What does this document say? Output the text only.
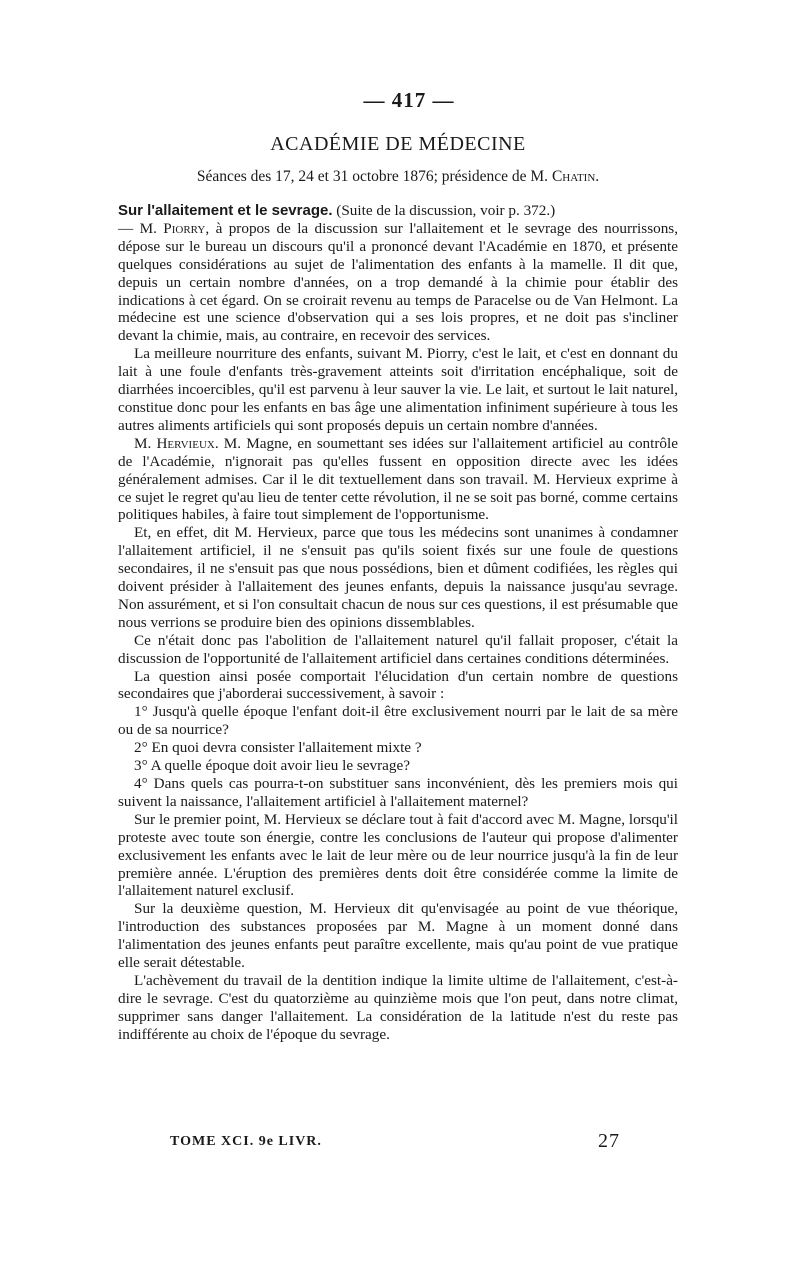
— 417 —
ACADÉMIE DE MÉDECINE
Séances des 17, 24 et 31 octobre 1876; présidence de M. Chatin.

Sur l'allaitement et le sevrage. (Suite de la discussion, voir p. 372.)

— M. Piorry, à propos de la discussion sur l'allaitement et le sevrage des nourrissons, dépose sur le bureau un discours qu'il a prononcé devant l'Académie en 1870, et présente quelques considérations au sujet de l'alimentation des enfants à la mamelle. Il dit que, depuis un certain nombre d'années, on a trop demandé à la chimie pour établir des indications à cet égard. On se croirait revenu au temps de Paracelse ou de Van Helmont. La médecine est une science d'observation qui a ses lois propres, et ne doit pas s'incliner devant la chimie, mais, au contraire, en recevoir des services.

La meilleure nourriture des enfants, suivant M. Piorry, c'est le lait, et c'est en donnant du lait à une foule d'enfants très-gravement atteints soit d'irritation encéphalique, soit de diarrhées incoercibles, qu'il est parvenu à leur sauver la vie. Le lait, et surtout le lait naturel, constitue donc pour les enfants en bas âge une alimentation infiniment supérieure à tous les autres aliments artificiels qui sont proposés depuis un certain nombre d'années.

M. Hervieux. M. Magne, en soumettant ses idées sur l'allaitement artificiel au contrôle de l'Académie, n'ignorait pas qu'elles fussent en opposition directe avec les idées généralement admises. Car il le dit textuellement dans son travail. M. Hervieux exprime à ce sujet le regret qu'au lieu de tenter cette révolution, il ne se soit pas borné, comme certains politiques habiles, à faire tout simplement de l'opportunisme.

Et, en effet, dit M. Hervieux, parce que tous les médecins sont unanimes à condamner l'allaitement artificiel, il ne s'ensuit pas qu'ils soient fixés sur une foule de questions secondaires, il ne s'ensuit pas que nous possédions, bien et dûment codifiées, les règles qui doivent présider à l'allaitement des jeunes enfants, depuis la naissance jusqu'au sevrage. Non assurément, et si l'on consultait chacun de nous sur ces questions, il est présumable que nous verrions se produire bien des opinions dissemblables.

Ce n'était donc pas l'abolition de l'allaitement naturel qu'il fallait proposer, c'était la discussion de l'opportunité de l'allaitement artificiel dans certaines conditions déterminées.

La question ainsi posée comportait l'élucidation d'un certain nombre de questions secondaires que j'aborderai successivement, à savoir :

1° Jusqu'à quelle époque l'enfant doit-il être exclusivement nourri par le lait de sa mère ou de sa nourrice?

2° En quoi devra consister l'allaitement mixte ?

3° A quelle époque doit avoir lieu le sevrage?

4° Dans quels cas pourra-t-on substituer sans inconvénient, dès les premiers mois qui suivent la naissance, l'allaitement artificiel à l'allaitement maternel?

Sur le premier point, M. Hervieux se déclare tout à fait d'accord avec M. Magne, lorsqu'il proteste avec toute son énergie, contre les conclusions de l'auteur qui propose d'alimenter exclusivement les enfants avec le lait de leur mère ou de leur nourrice jusqu'à la fin de leur première année. L'éruption des premières dents doit être considérée comme la limite de l'allaitement naturel exclusif.

Sur la deuxième question, M. Hervieux dit qu'envisagée au point de vue théorique, l'introduction des substances proposées par M. Magne à un moment donné dans l'alimentation des jeunes enfants peut paraître excellente, mais qu'au point de vue pratique elle serait détestable.

L'achèvement du travail de la dentition indique la limite ultime de l'allaitement, c'est-à-dire le sevrage. C'est du quatorzième au quinzième mois que l'on peut, dans notre climat, supprimer sans danger l'allaitement. La considération de la latitude n'est du reste pas indifférente au choix de l'époque du sevrage.

TOME XCI. 9e LIVR.	27
